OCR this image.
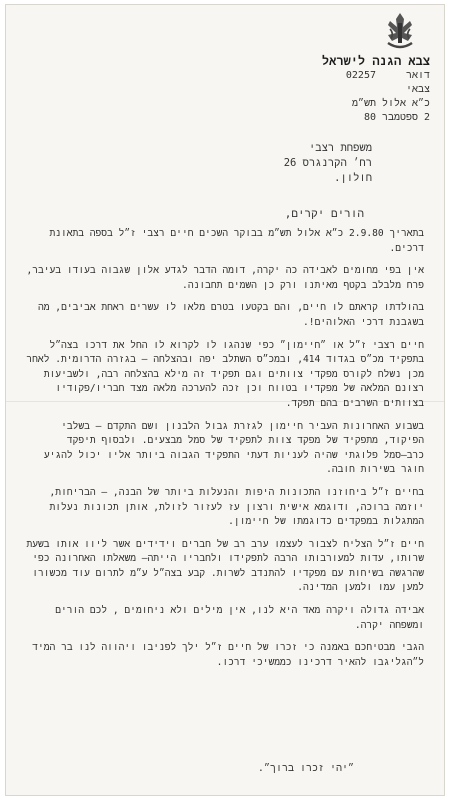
צבא הגנה לישראל
דואר צבאי
02257
כ״א אלול
תש״מ
2 ספטמבר
80
משפחת רצבי
רח׳ הקרנגרס 26
חולון.
הורים יקרים,

בתאריך 2.9.80 כ״א אלול תש״מ בבוקר השכים חיים רצבי ז״ל בספה בתאונת דרכים.

אין בפי מחומים לאבידה כה יקרה, דומה הדבר לגדע אלון שגבוה בעודו בעיבר, פרח מלבלב בקטף מאיתנו ורק כן השמים תחבונה.

בהולדתו קראתם לו חיים, והם בקטעו בטרם מלאו לו עשרים ראחת אביבים, מה בשגבנת דרכי האלוהים!.

חיים רצבי ז״ל או ״חיימון״ כפי שנהגו לו לקרוא לו החל את דרכו בצה״ל בתפקיד מכ״ס בגדוד 414, ובמכ״ס השתלב יפה ובהצלחה – בגזרה הדרומית. לאחר מכן נשלח לקורס מפקדי צוותים וגם תפקיד זה מילא בהצלחה רבה, ולשביעות רצונם המלאה של מפקדיו בטווח וכן זכה להערכה מלאה מצד חבריו/פקודיו בצוותים השרבים בהם תפקד.

בשבוע האחרונות העביר חיימון לגזרת גבול הלבנון ושם התקדם – בשלבי הפיקוד, מתפקיד של מפקד צוות לתפקיד של סמל מבצעים. ולבסוף תיפקד כרב–סמל פלוגתי שהיה לעניות דעתי התפקיד הגבוה ביותר אליו יכול להגיע חוגר בשירות חובה.

בחיים ז״ל ביחוזנו התכונות היפות והנעלות ביותר של הבנה, – הבריחות, יוזמה ברוכה, ודוגמא אישית ורצון עז לעזור לזולת, אותן תכונות נעלות המתגלות במפקדים כדוגמתו של חיימון.

חיים ז״ל הצליח לצבור לעצמו ערב רב של חברים וידידים אשר ליוו אותו בשעת שרותו, עדות למעורבותו הרבה לתפקידו ולחבריו הייתה– משאלתו האחרונה כפי שהרגשה בשיחות עם מפקדיו להתנדב לשרות. קבע בצה״ל ע״מ לתרום עוד מכשורו למען עמו ולמען המדינה.

אבידה גדולה ויקרה מאד היא לנו, אין מילים ולא ניחומים , לכם הורים ומשפחה יקרה.

הגבי מבטיחכם באמנה כי זכרו של חיים ז״ל ילך לפניבו ויהווה לנו בר המיד ל״הגליגבו להאיר דרכינו כממשיכי דרכו.

״יהי זכרו ברוך״.
